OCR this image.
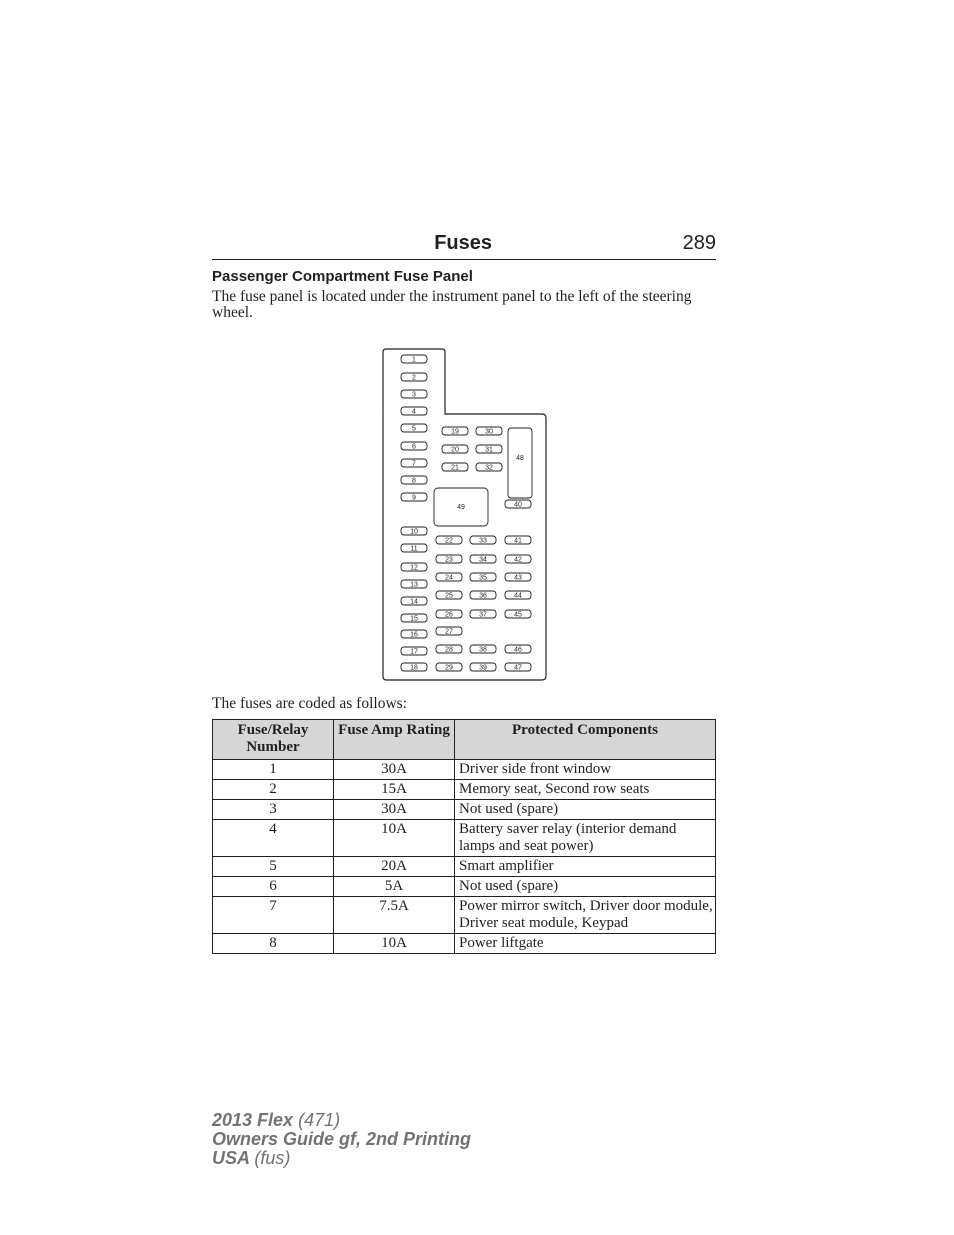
Fuses	289
Passenger Compartment Fuse Panel
The fuse panel is located under the instrument panel to the left of the steering wheel.
1
2
3
4
5
6
7
8
9
10
11
12
13
14
15
16
17
18
19	30
20	31
21	32
48
49	40
22	33	41
23	34	42
24	35	43
25	36	44
26	37	45
27
28	38	46
29	39	47
The fuses are coded as follows:
Fuse/Relay Number	Fuse Amp Rating	Protected Components
1	30A	Driver side front window
2	15A	Memory seat, Second row seats
3	30A	Not used (spare)
4	10A	Battery saver relay (interior demand lamps and seat power)
5	20A	Smart amplifier
6	5A	Not used (spare)
7	7.5A	Power mirror switch, Driver door module, Driver seat module, Keypad
8	10A	Power liftgate
2013 Flex (471)
Owners Guide gf, 2nd Printing
USA (fus)
